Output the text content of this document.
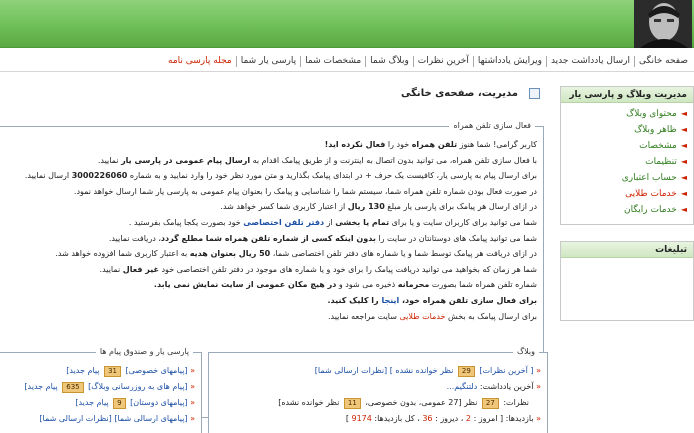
صفحه خانگی
ارسال یادداشت جدید
ویرایش یادداشتها
آخرین نظرات
وبلاگ شما
مشخصات شما
پارسی یار شما
مجله پارسی نامه
مدیریت وبلاگ و پارسی یار
◄محتوای وبلاگ
◄ظاهر وبلاگ
◄مشخصات
◄تنظیمات
◄حساب اعتباری
◄خدمات طلایی
◄خدمات رایگان
تبلیغات
مدیریت، صفحه‌ی خانگی
فعال سازی تلفن همراه

کاربر گرامی! شما هنوز تلفن همراه خود را فعال نکرده اید!

با فعال سازی تلفن همراه، می توانید بدون اتصال به اینترنت و از طریق پیامک اقدام به ارسال پیام عمومی در پارسی یار نمایید.

برای ارسال پیام به پارسی یار، کافیست یک حرف + در ابتدای پیامک بگذارید و متن مورد نظر خود را وارد نمایید و به شماره 3000226060 ارسال نمایید.

در صورت فعال بودن شماره تلفن همراه شما، سیستم شما را شناسایی و پیامک را بعنوان پیام عمومی به پارسی یار شما ارسال خواهد نمود.

در ازای ارسال هر پیامک برای پارسی یار مبلغ 130 ریال از اعتبار کاربری شما کسر خواهد شد.

شما می توانید برای کاربران سایت و یا برای تمام یا بخشی از دفتر تلفن اختصاصی خود بصورت یکجا پیامک بفرستید .

شما می توانید پیامک های دوستانتان در سایت را بدون اینکه کسی از شماره تلفن همراه شما مطلع گردد، دریافت نمایید.

در ازای دریافت هر پیامک توسط شما و یا شماره های دفتر تلفن اختصاصی شما، 50 ریال بعنوان هدیه به اعتبار کاربری شما افزوده خواهد شد.

شما هر زمان که بخواهید می توانید دریافت پیامک را برای خود و یا شماره های موجود در دفتر تلفن اختصاصی خود غیر فعال نمایید.

شماره تلفن همراه شما بصورت محرمانه ذخیره می شود و در هیچ مکان عمومی از سایت نمایش نمی یابد.

برای فعال سازی تلفن همراه خود، اینجا را کلیک کنید.

برای ارسال پیامک به بخش خدمات طلایی سایت مراجعه نمایید.

وبلاگ
« [ آخرین نظرات] 29 نظر خوانده نشده ] [نظرات ارسالی شما]
« آخرین یادداشت: دلتنگیم...
نظرات: 27 نظر [27 عمومی، بدون خصوصی، 11 نظر خوانده نشده]
« بازدیدها: [ امروز : 2 ، دیروز : 36 ، کل بازدیدها: 9174 ]
پارسی یار و صندوق پیام ها
« [پیامهای خصوصی] 31 پیام جدید]
« [پیام های به روزرسانی وبلاگ] 635 پیام جدید]
« [پیامهای دوستان] 9 پیام جدید]
« [پیامهای ارسالی شما] [نظرات ارسالی شما]
